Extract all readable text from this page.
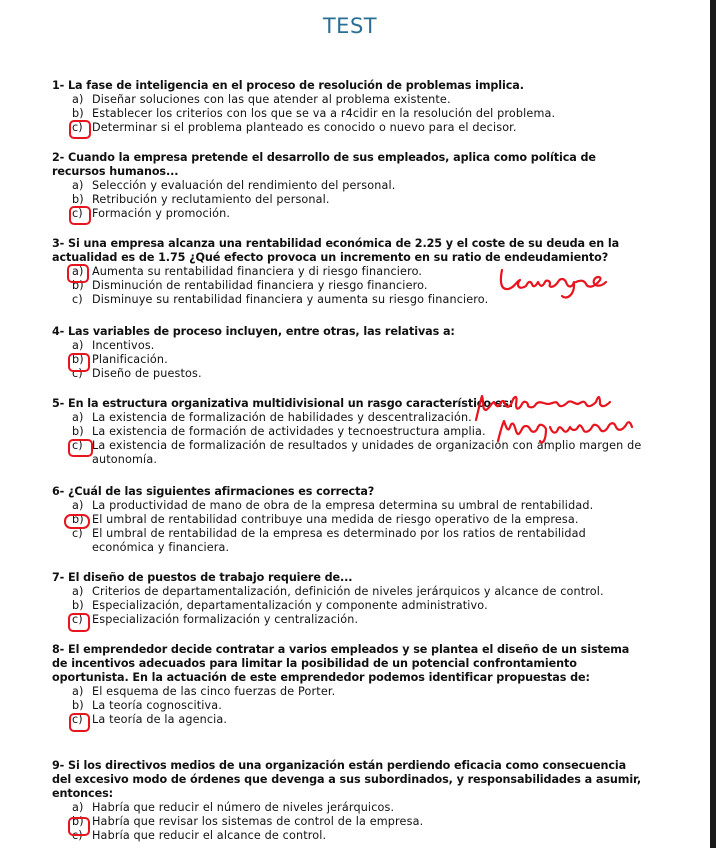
TEST
1- La fase de inteligencia en el proceso de resolución de problemas implica.
a) Diseñar soluciones con las que atender al problema existente.
b) Establecer los criterios con los que se va a r4cidir en la resolución del problema.
c) Determinar si el problema planteado es conocido o nuevo para el decisor.
2- Cuando la empresa pretende el desarrollo de sus empleados, aplica como política de recursos humanos...
a) Selección y evaluación del rendimiento del personal.
b) Retribución y reclutamiento del personal.
c) Formación y promoción.
3- Si una empresa alcanza una rentabilidad económica de 2.25 y el coste de su deuda en la actualidad es de 1.75 ¿Qué efecto provoca un incremento en su ratio de endeudamiento?
a) Aumenta su rentabilidad financiera y di riesgo financiero.
b) Disminución de rentabilidad financiera y riesgo financiero.
c) Disminuye su rentabilidad financiera y aumenta su riesgo financiero.
4- Las variables de proceso incluyen, entre otras, las relativas a:
a) Incentivos.
b) Planificación.
c) Diseño de puestos.
5- En la estructura organizativa multidivisional un rasgo característico es:
a) La existencia de formalización de habilidades y descentralización.
b) La existencia de formación de actividades y tecnoestructura amplia.
c) La existencia de formalización de resultados y unidades de organización con amplio margen de autonomía.
6- ¿Cuál de las siguientes afirmaciones es correcta?
a) La productividad de mano de obra de la empresa determina su umbral de rentabilidad.
b) El umbral de rentabilidad contribuye una medida de riesgo operativo de la empresa.
c) El umbral de rentabilidad de la empresa es determinado por los ratios de rentabilidad económica y financiera.
7- El diseño de puestos de trabajo requiere de...
a) Criterios de departamentalización, definición de niveles jerárquicos y alcance de control.
b) Especialización, departamentalización y componente administrativo.
c) Especialización formalización y centralización.
8- El emprendedor decide contratar a varios empleados y se plantea el diseño de un sistema de incentivos adecuados para limitar la posibilidad de un potencial confrontamiento oportunista. En la actuación de este emprendedor podemos identificar propuestas de:
a) El esquema de las cinco fuerzas de Porter.
b) La teoría cognoscitiva.
c) La teoría de la agencia.
9- Si los directivos medios de una organización están perdiendo eficacia como consecuencia del excesivo modo de órdenes que devenga a sus subordinados, y responsabilidades a asumir, entonces:
a) Habría que reducir el número de niveles jerárquicos.
b) Habría que revisar los sistemas de control de la empresa.
c) Habría que reducir el alcance de control.
